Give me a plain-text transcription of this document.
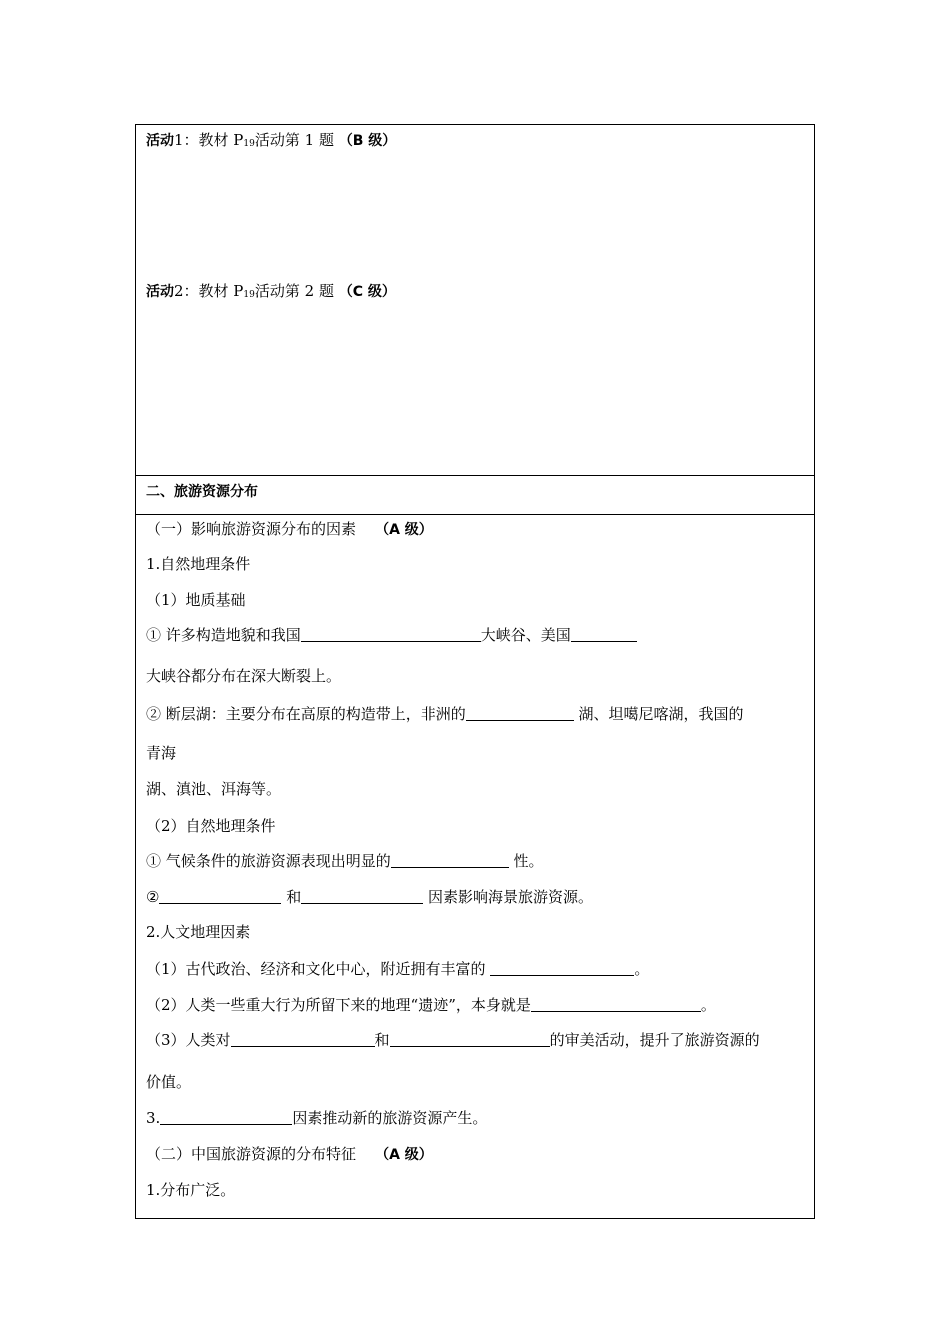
活动1：教材 P19活动第 1 题 （B 级）
活动2：教材 P19活动第 2 题 （C 级）
二、旅游资源分布
（一）影响旅游资源分布的因素 （A 级）
1.自然地理条件
（1）地质基础
① 许多构造地貌和我国	大峡谷、美国
大峡谷都分布在深大断裂上。
② 断层湖：主要分布在高原的构造带上，非洲的	湖、坦噶尼喀湖，我国的
青海
湖、滇池、洱海等。
（2）自然地理条件
① 气候条件的旅游资源表现出明显的	性。
②	和	因素影响海景旅游资源。
2.人文地理因素
（1）古代政治、经济和文化中心，附近拥有丰富的	。
（2）人类一些重大行为所留下来的地理“遗迹”，本身就是	。
（3）人类对	和	的审美活动，提升了旅游资源的
价值。
3.	因素推动新的旅游资源产生。
（二）中国旅游资源的分布特征 （A 级）
1.分布广泛。
